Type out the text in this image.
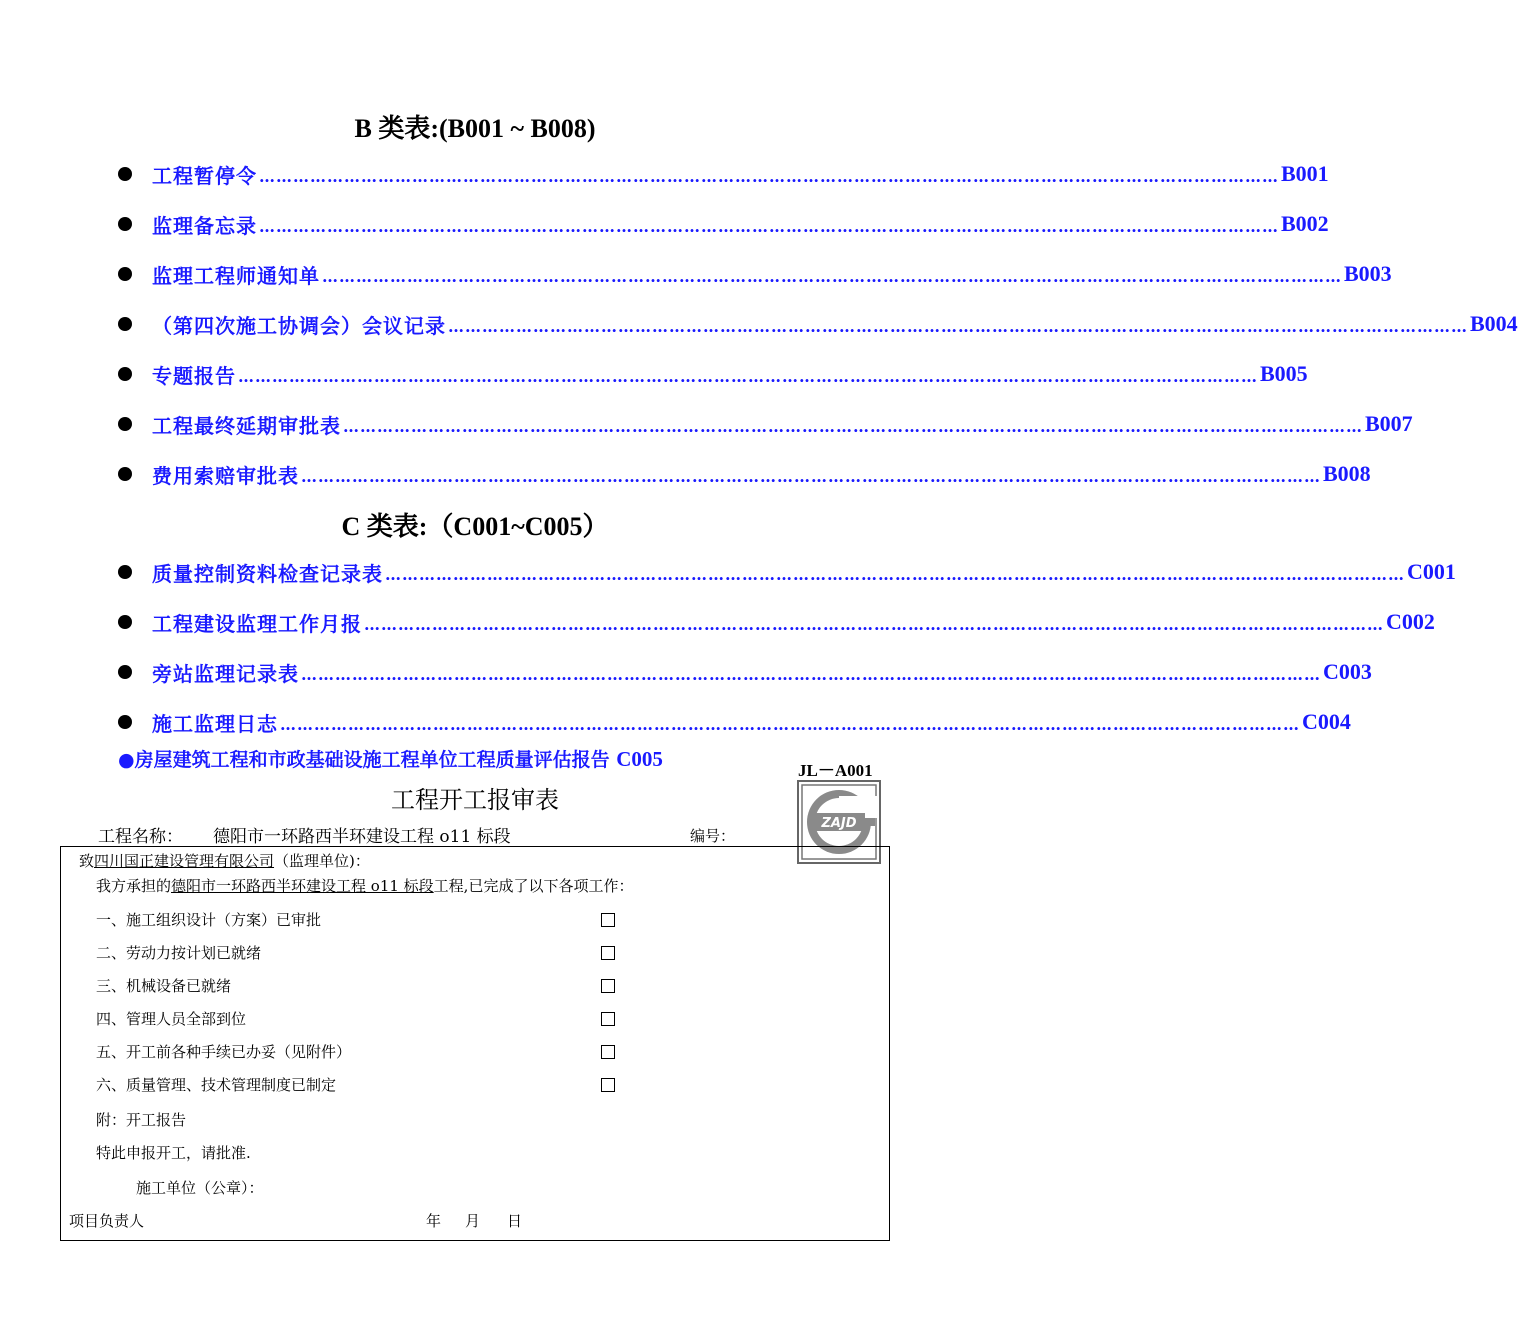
B 类表:(B001 ~ B008)
工程暂停令 ……………………………………………………………………………………………………………………………………………………………… B001
监理备忘录 ……………………………………………………………………………………………………………………………………………………………… B002
监理工程师通知单 ……………………………………………………………………………………………………………………………………………………………… B003
（第四次施工协调会）会议记录 ……………………………………………………………………………………………………………………………………………………………… B004
专题报告 ……………………………………………………………………………………………………………………………………………………………… B005
工程最终延期审批表 ……………………………………………………………………………………………………………………………………………………………… B007
费用索赔审批表 ……………………………………………………………………………………………………………………………………………………………… B008
C 类表:（C001~C005）
质量控制资料检查记录表 ……………………………………………………………………………………………………………………………………………………………… C001
工程建设监理工作月报 ……………………………………………………………………………………………………………………………………………………………… C002
旁站监理记录表 ……………………………………………………………………………………………………………………………………………………………… C003
施工监理日志 ……………………………………………………………………………………………………………………………………………………………… C004
●房屋建筑工程和市政基础设施工程单位工程质量评估报告 C005	JL－A001
ZAJD
工程开工报审表
工程名称： 德阳市一环路西半环建设工程 o11 标段	编号：
致四川国正建设管理有限公司（监理单位)：
我方承担的德阳市一环路西半环建设工程 o11 标段工程,已完成了以下各项工作：
一、施工组织设计（方案）已审批
二、劳动力按计划已就绪
三、机械设备已就绪
四、管理人员全部到位
五、开工前各种手续已办妥（见附件）
六、质量管理、技术管理制度已制定
附：开工报告
特此申报开工，请批准.
施工单位（公章）：
项目负责人	年 月 日
